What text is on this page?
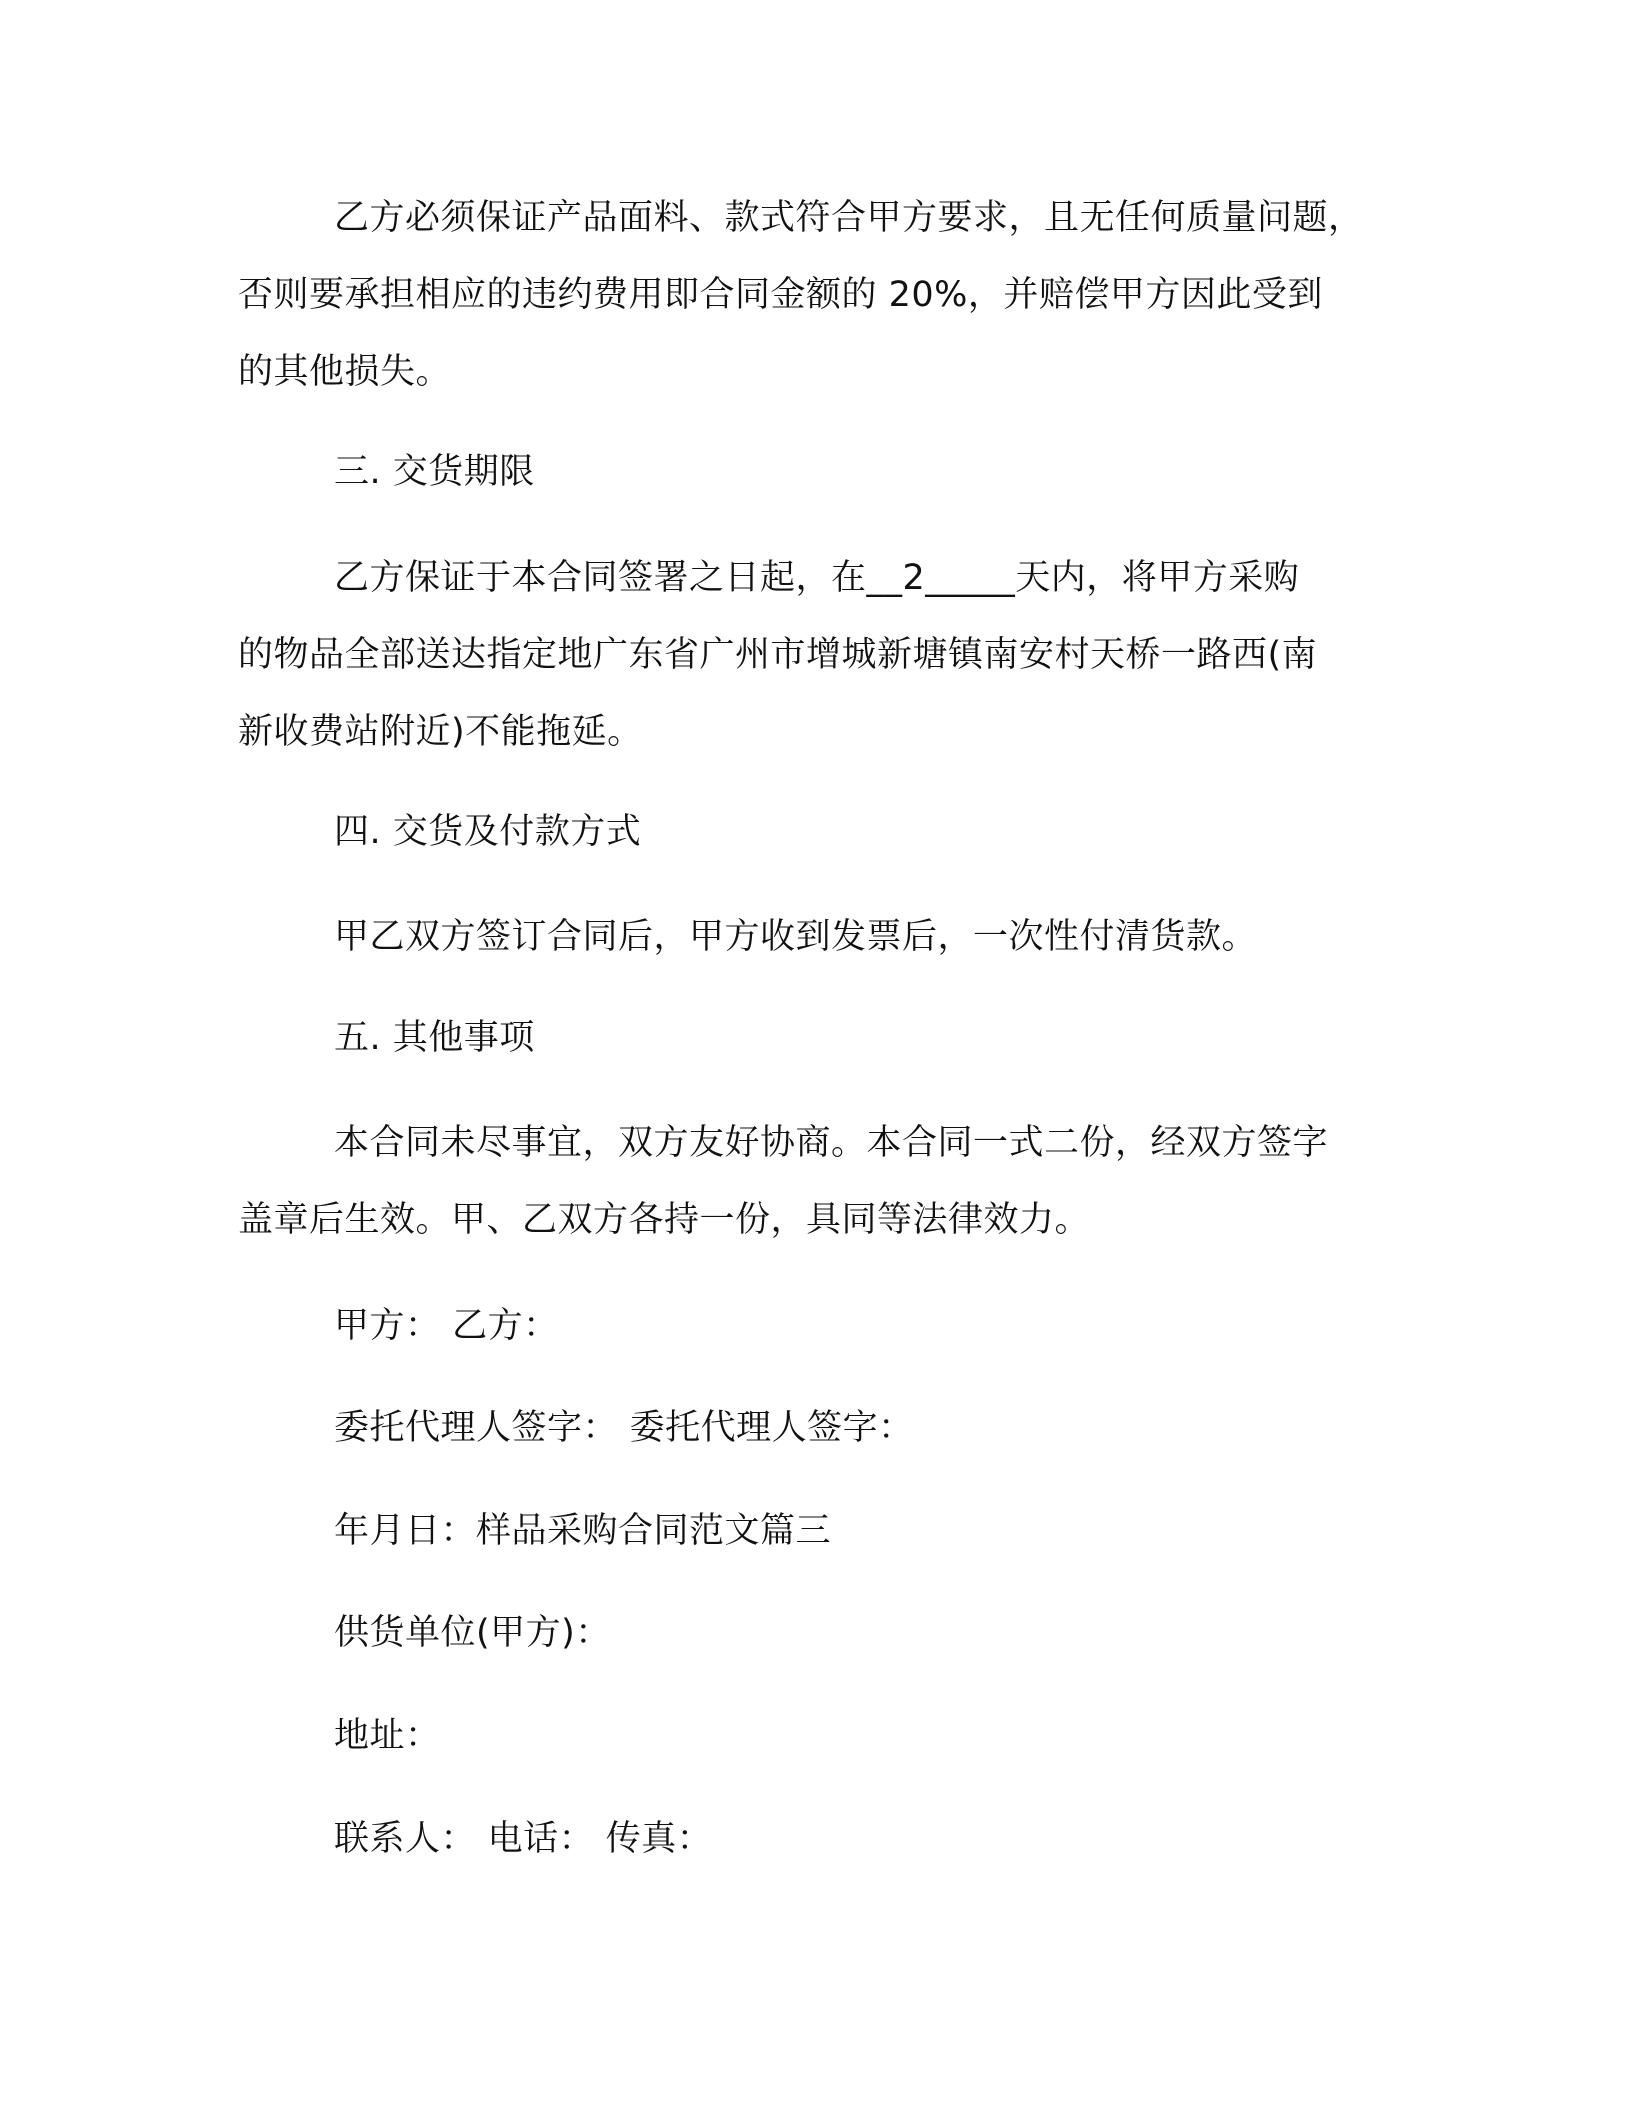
乙方必须保证产品面料、款式符合甲方要求，且无任何质量问题，
否则要承担相应的违约费用即合同金额的 20%，并赔偿甲方因此受到
的其他损失。
三. 交货期限
乙方保证于本合同签署之日起，在__2_____天内，将甲方采购
的物品全部送达指定地广东省广州市增城新塘镇南安村天桥一路西(南
新收费站附近)不能拖延。
四. 交货及付款方式
甲乙双方签订合同后，甲方收到发票后，一次性付清货款。
五. 其他事项
本合同未尽事宜，双方友好协商。本合同一式二份，经双方签字
盖章后生效。甲、乙双方各持一份，具同等法律效力。
甲方： 乙方：
委托代理人签字： 委托代理人签字：
年月日：样品采购合同范文篇三
供货单位(甲方)：
地址：
联系人： 电话： 传真：
